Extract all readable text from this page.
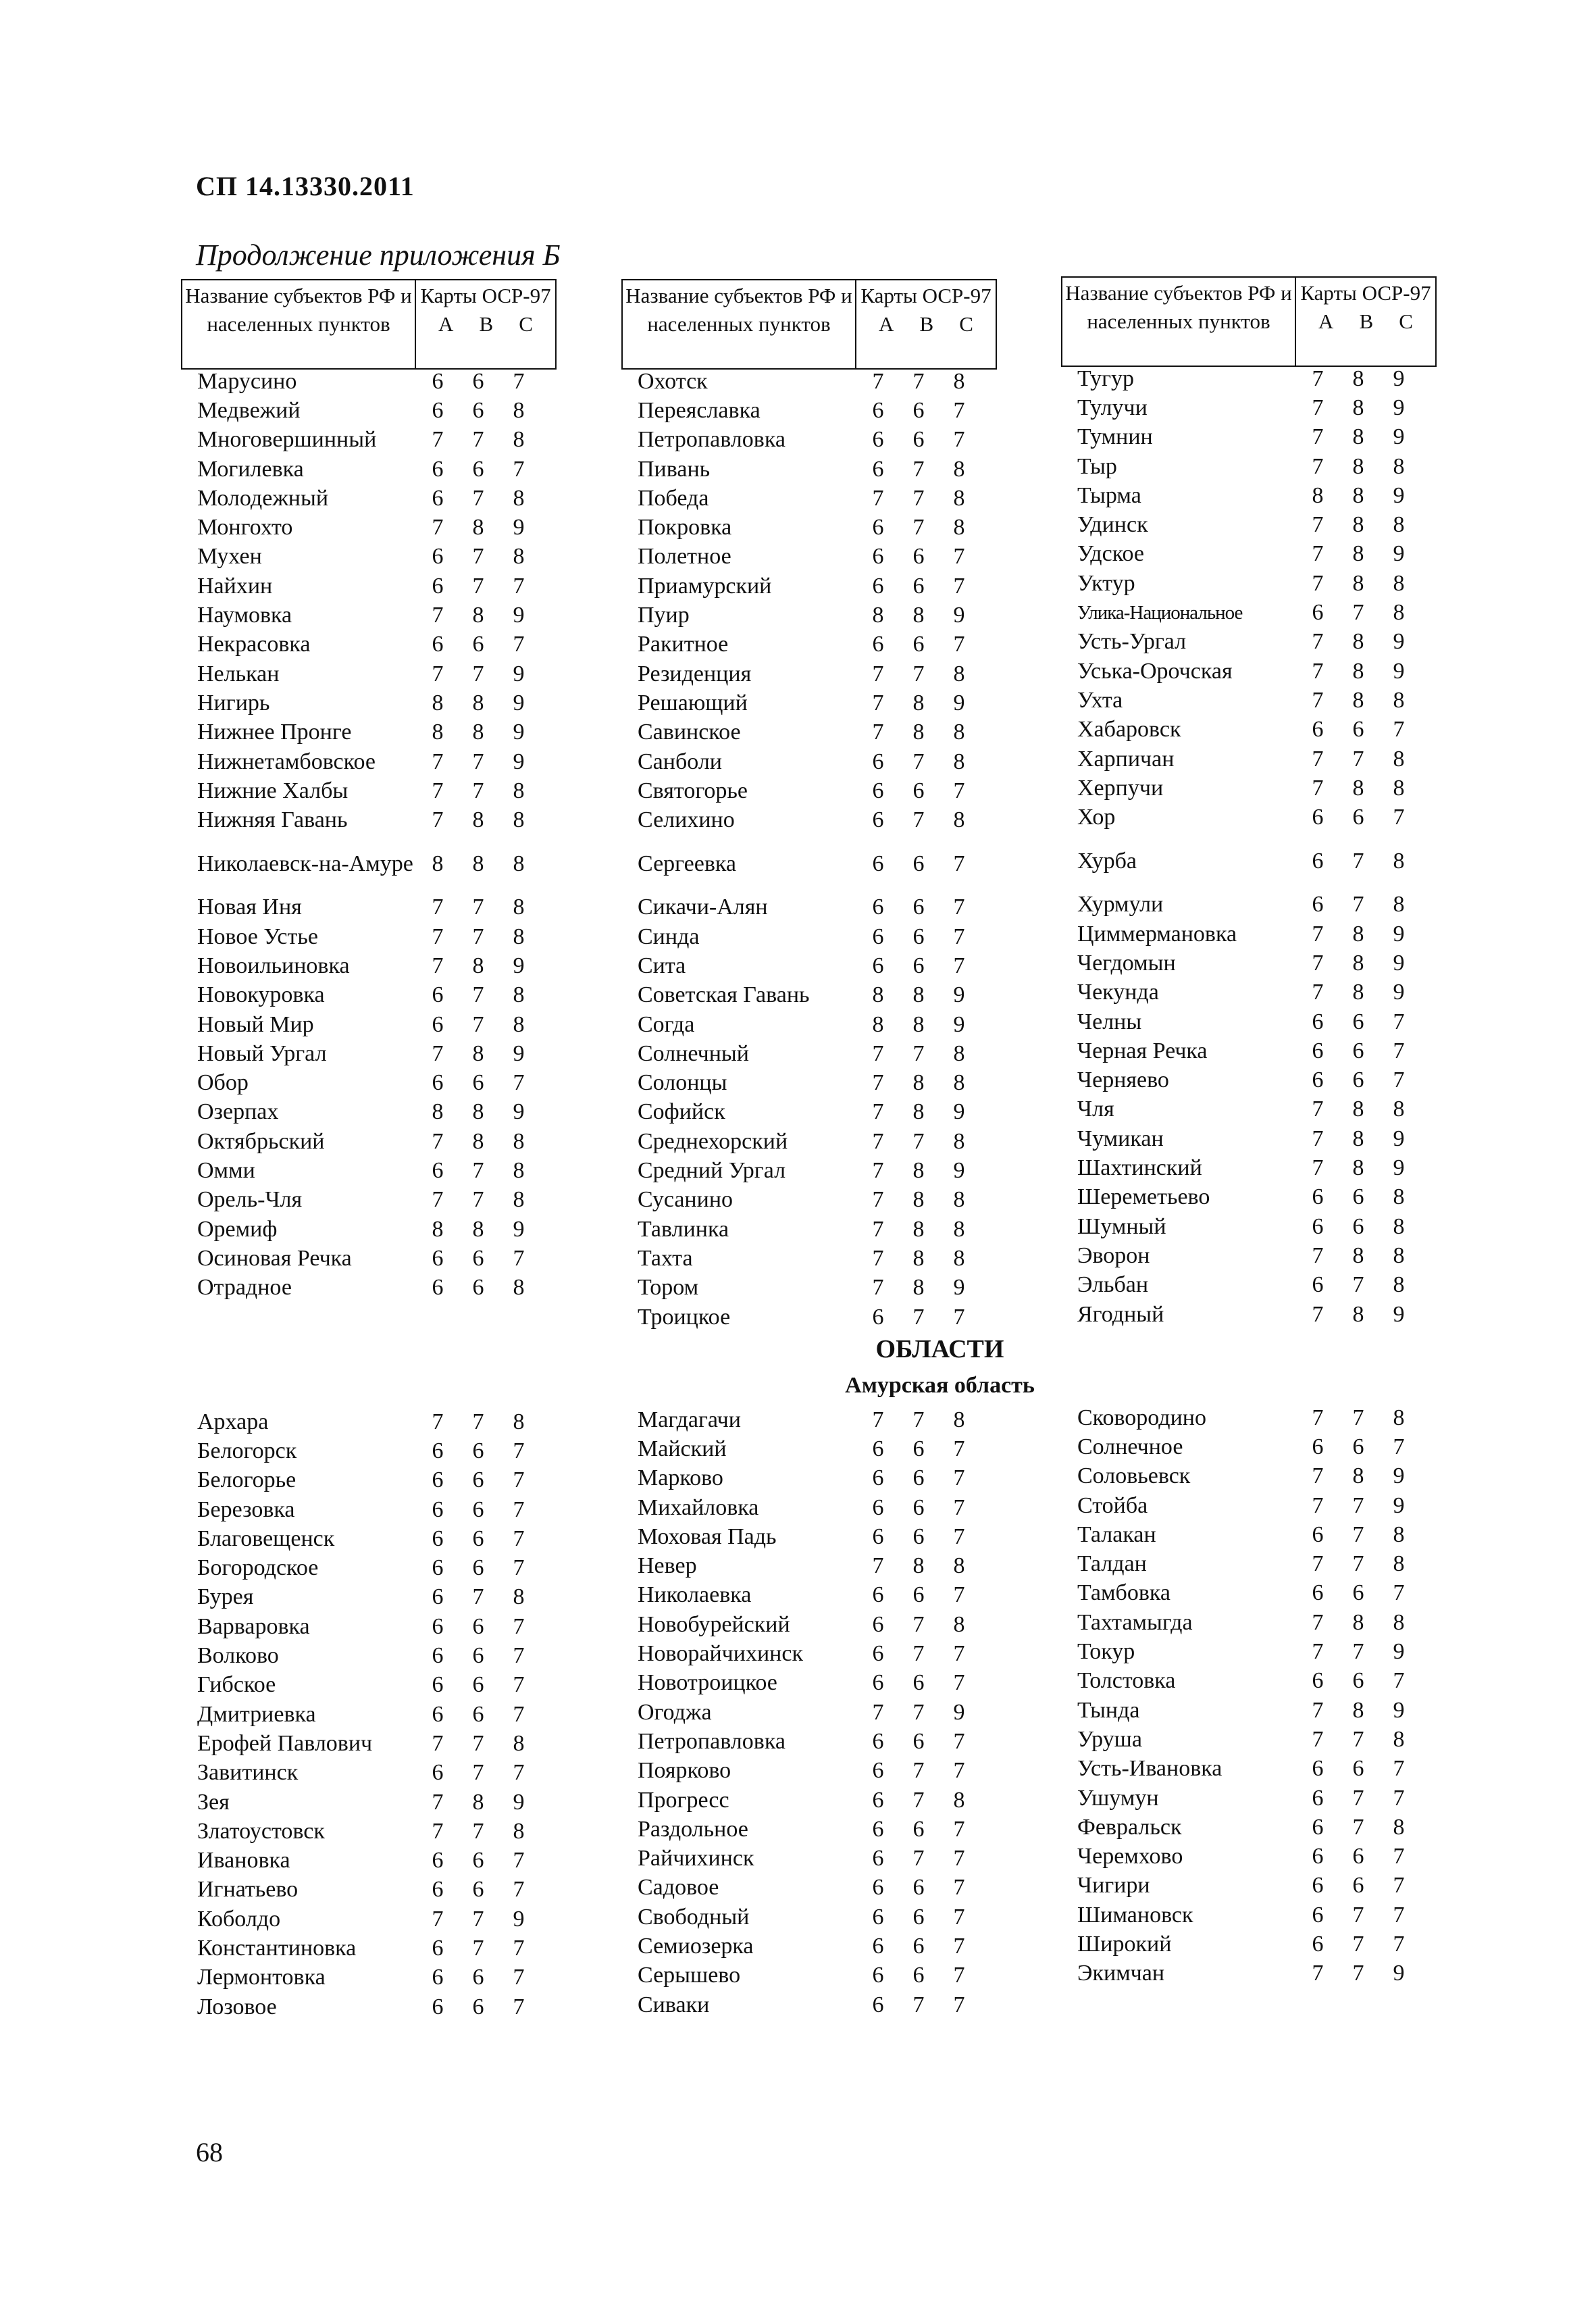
СП 14.13330.2011
Продолжение приложения Б
Название субъектов РФ и населенных пунктов
Карты ОСР-97
A B C
Название субъектов РФ и населенных пунктов
Карты ОСР-97
A B C
Название субъектов РФ и населенных пунктов
Карты ОСР-97
A B C
Марусино	6	6	7
Медвежий	6	6	8
Многовершинный	7	7	8
Могилевка	6	6	7
Молодежный	6	7	8
Монгохто	7	8	9
Мухен	6	7	8
Найхин	6	7	7
Наумовка	7	8	9
Некрасовка	6	6	7
Нелькан	7	7	9
Нигирь	8	8	9
Нижнее Пронге	8	8	9
Нижнетамбовское	7	7	9
Нижние Халбы	7	7	8
Нижняя Гавань	7	8	8
Николаевск-на-Амуре 8	8	8
Новая Иня	7	7	8
Новое Устье	7	7	8
Новоильиновка	7	8	9
Новокуровка	6	7	8
Новый Мир	6	7	8
Новый Ургал	7	8	9
Обор	6	6	7
Озерпах	8	8	9
Октябрьский	7	8	8
Омми	6	7	8
Орель-Чля	7	7	8
Оремиф	8	8	9
Осиновая Речка	6	6	7
Отрадное	6	6	8
Охотск	7	7	8
Переяславка	6	6	7
Петропавловка	6	6	7
Пивань	6	7	8
Победа	7	7	8
Покровка	6	7	8
Полетное	6	6	7
Приамурский	6	6	7
Пуир	8	8	9
Ракитное	6	6	7
Резиденция	7	7	8
Решающий	7	8	9
Савинское	7	8	8
Санболи	6	7	8
Святогорье	6	6	7
Селихино	6	7	8
Сергеевка	6	6	7
Сикачи-Алян	6	6	7
Синда	6	6	7
Сита	6	6	7
Советская Гавань	8	8	9
Согда	8	8	9
Солнечный	7	7	8
Солонцы	7	8	8
Софийск	7	8	9
Среднехорский	7	7	8
Средний Ургал	7	8	9
Сусанино	7	8	8
Тавлинка	7	8	8
Тахта	7	8	8
Тором	7	8	9
Троицкое	6	7	7
Тугур	7	8	9
Тулучи	7	8	9
Тумнин	7	8	9
Тыр	7	8	8
Тырма	8	8	9
Удинск	7	8	8
Удское	7	8	9
Уктур	7	8	8
Улика-Национальное	6	7	8
Усть-Ургал	7	8	9
Уська-Орочская	7	8	9
Ухта	7	8	8
Хабаровск	6	6	7
Харпичан	7	7	8
Херпучи	7	8	8
Хор	6	6	7
Хурба	6	7	8
Хурмули	6	7	8
Циммермановка	7	8	9
Чегдомын	7	8	9
Чекунда	7	8	9
Челны	6	6	7
Черная Речка	6	6	7
Черняево	6	6	7
Чля	7	8	8
Чумикан	7	8	9
Шахтинский	7	8	9
Шереметьево	6	6	8
Шумный	6	6	8
Эворон	7	8	8
Эльбан	6	7	8
Ягодный	7	8	9
ОБЛАСТИ
Амурская область
Архара	7	7	8
Белогорск	6	6	7
Белогорье	6	6	7
Березовка	6	6	7
Благовещенск	6	6	7
Богородское	6	6	7
Бурея	6	7	8
Варваровка	6	6	7
Волково	6	6	7
Гибское	6	6	7
Дмитриевка	6	6	7
Ерофей Павлович	7	7	8
Завитинск	6	7	7
Зея	7	8	9
Златоустовск	7	7	8
Ивановка	6	6	7
Игнатьево	6	6	7
Коболдо	7	7	9
Константиновка	6	7	7
Лермонтовка	6	6	7
Лозовое	6	6	7
Магдагачи	7	7	8
Майский	6	6	7
Марково	6	6	7
Михайловка	6	6	7
Моховая Падь	6	6	7
Невер	7	8	8
Николаевка	6	6	7
Новобурейский	6	7	8
Новорайчихинск	6	7	7
Новотроицкое	6	6	7
Огоджа	7	7	9
Петропавловка	6	6	7
Поярково	6	7	7
Прогресс	6	7	8
Раздольное	6	6	7
Райчихинск	6	7	7
Садовое	6	6	7
Свободный	6	6	7
Семиозерка	6	6	7
Серышево	6	6	7
Сиваки	6	7	7
Сковородино	7	7	8
Солнечное	6	6	7
Соловьевск	7	8	9
Стойба	7	7	9
Талакан	6	7	8
Талдан	7	7	8
Тамбовка	6	6	7
Тахтамыгда	7	8	8
Токур	7	7	9
Толстовка	6	6	7
Тында	7	8	9
Уруша	7	7	8
Усть-Ивановка	6	6	7
Ушумун	6	7	7
Февральск	6	7	8
Черемхово	6	6	7
Чигири	6	6	7
Шимановск	6	7	7
Широкий	6	7	7
Экимчан	7	7	9
68
